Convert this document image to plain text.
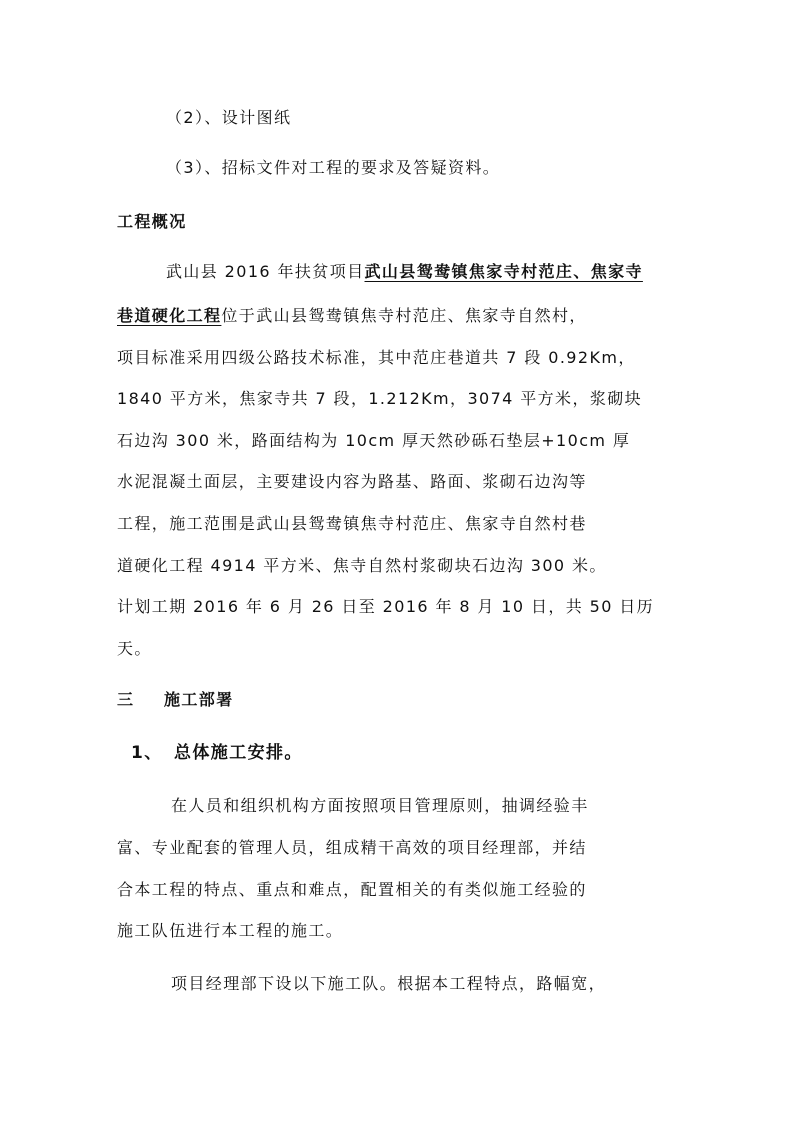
（2）、设计图纸
（3）、招标文件对工程的要求及答疑资料。
工程概况
武山县 2016 年扶贫项目武山县鸳鸯镇焦家寺村范庄、焦家寺
巷道硬化工程位于武山县鸳鸯镇焦寺村范庄、焦家寺自然村，
项目标准采用四级公路技术标准，其中范庄巷道共 7 段 0.92Km，
1840 平方米，焦家寺共 7 段，1.212Km，3074 平方米，浆砌块
石边沟 300 米，路面结构为 10cm 厚天然砂砾石垫层+10cm 厚
水泥混凝土面层，主要建设内容为路基、路面、浆砌石边沟等
工程，施工范围是武山县鸳鸯镇焦寺村范庄、焦家寺自然村巷
道硬化工程 4914 平方米、焦寺自然村浆砌块石边沟 300 米。
计划工期 2016 年 6 月 26 日至 2016 年 8 月 10 日，共 50 日历
天。
三 施工部署
1、 总体施工安排。
在人员和组织机构方面按照项目管理原则，抽调经验丰
富、专业配套的管理人员，组成精干高效的项目经理部，并结
合本工程的特点、重点和难点，配置相关的有类似施工经验的
施工队伍进行本工程的施工。
项目经理部下设以下施工队。根据本工程特点，路幅宽，
